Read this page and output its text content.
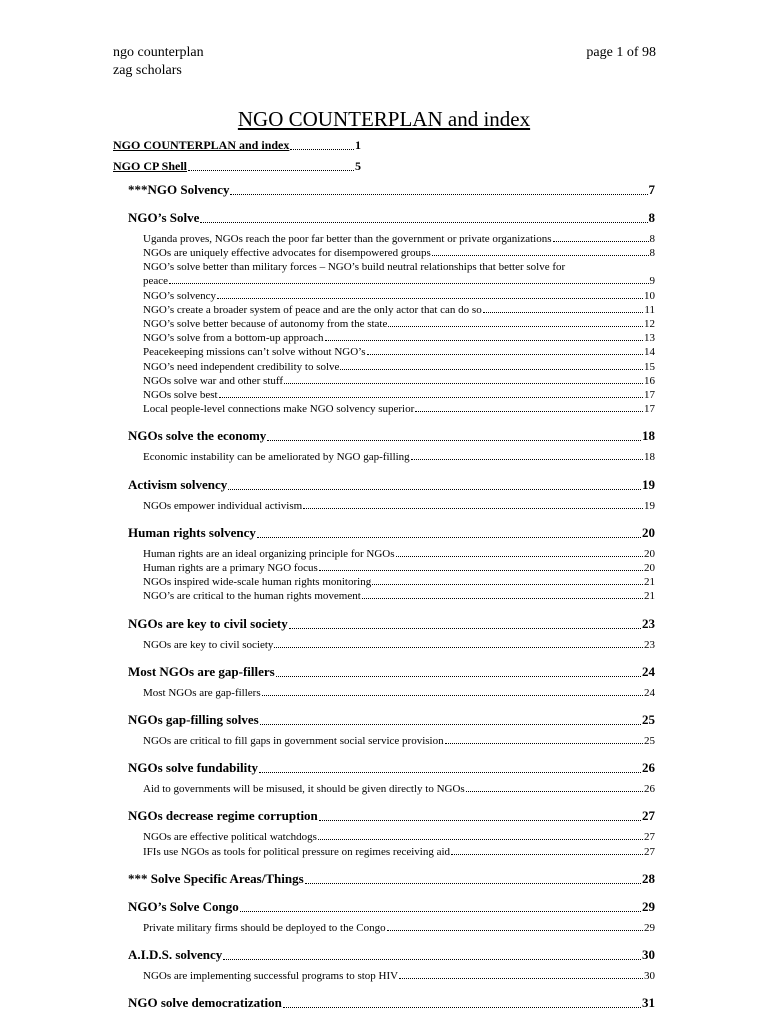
ngo counterplan
zag scholars
page 1 of 98
NGO COUNTERPLAN and index
NGO COUNTERPLAN and index	1
NGO CP Shell	5
***NGO Solvency	7
NGO’s Solve	8
Uganda proves, NGOs reach the poor far better than the government or private organizations	8
NGOs are uniquely effective advocates for disempowered groups	8
NGO’s solve better than military forces – NGO’s build neutral relationships that better solve for
peace	9
NGO’s solvency	10
NGO’s create a broader system of peace and are the only actor that can do so	11
NGO’s solve better because of autonomy from the state	12
NGO’s solve from a bottom-up approach	13
Peacekeeping missions can’t solve without NGO’s	14
NGO’s need independent credibility to solve	15
NGOs solve war and other stuff	16
NGOs solve best	17
Local people-level connections make NGO solvency superior	17
NGOs solve the economy	18
Economic instability can be ameliorated by NGO gap-filling	18
Activism solvency	19
NGOs empower individual activism	19
Human rights solvency	20
Human rights are an ideal organizing principle for NGOs	20
Human rights are a primary NGO focus	20
NGOs inspired wide-scale human rights monitoring	21
NGO’s are critical to the human rights movement	21
NGOs are key to civil society	23
NGOs are key to civil society	23
Most NGOs are gap-fillers	24
Most NGOs are gap-fillers	24
NGOs gap-filling solves	25
NGOs are critical to fill gaps in government social service provision	25
NGOs solve fundability	26
Aid to governments will be misused, it should be given directly to NGOs	26
NGOs decrease regime corruption	27
NGOs are effective political watchdogs	27
IFIs use NGOs as tools for political pressure on regimes receiving aid	27
*** Solve Specific Areas/Things	28
NGO’s Solve Congo	29
Private military firms should be deployed to the Congo	29
A.I.D.S. solvency	30
NGOs are implementing successful programs to stop HIV	30
NGO solve democratization	31
